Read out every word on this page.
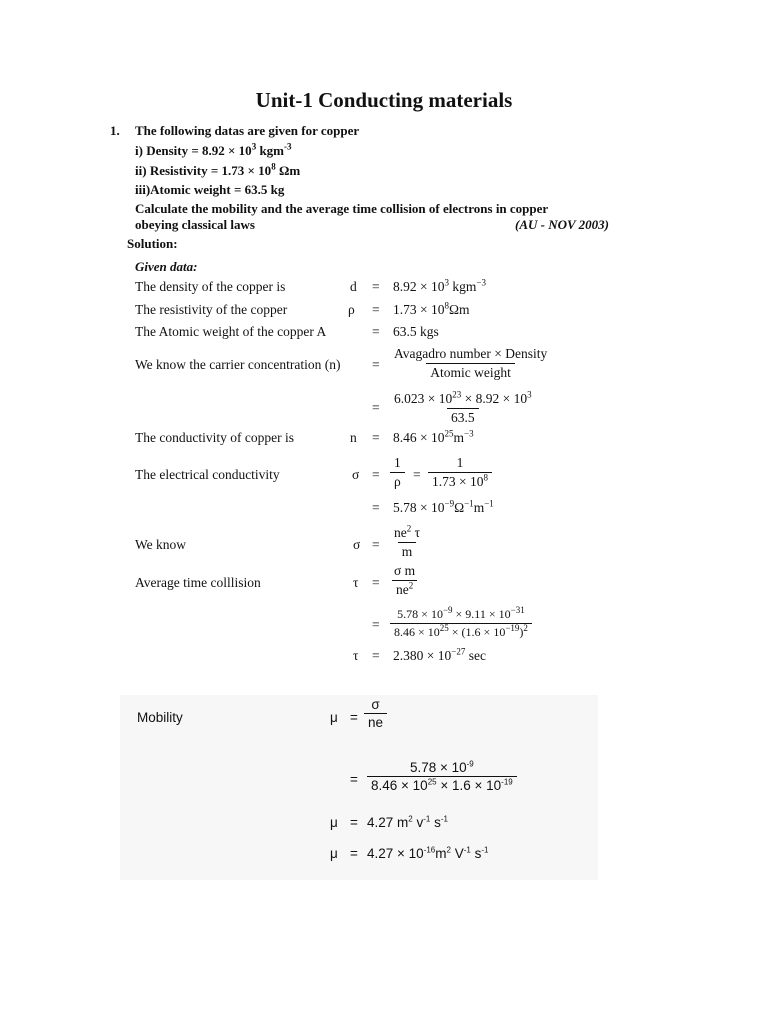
Unit-1 Conducting materials
1. The following datas are given for copper
i) Density = $8.92 \times 10^3$ kgm$^{-3}$
ii) Resistivity = $1.73 \times 10^8$ Ωm
iii)Atomic weight = 63.5 kg
Calculate the mobility and the average time collision of electrons in copper
obeying classical laws	(AU - NOV 2003)
Solution:
Given data:
The density of the copper is	$d = 8.92 \times 10^3$ kgm$^{-3}$
The resistivity of the copper	$\rho = 1.73 \times 10^8\Omega m$
The Atomic weight of the copper A	= 63.5 kgs
We know the carrier concentration (n) =
Avagadro number × Density
Atomic weight
= $\frac{6.023 \times 10^{23} \times 8.92 \times 10^3}{63.5}$
The conductivity of copper is	$n = 8.46 \times 10^{25}m^{-3}$
The electrical conductivity	$\sigma = \frac{1}{\rho} = \frac{1}{1.73 \times 10^8}$
= $5.78 \times 10^{-9}\Omega^{-1}m^{-1}$
We know	$\sigma = \frac{ne^2 \tau}{m}$
Average time colllision	$\tau = \frac{\text{σ m}}{ne^2}$
= $\frac{5.78 \times 10^{-9} \times 9.11 \times 10^{-31}}{8.46 \times 10^{25} \times (1.6 \times 10^{-19})^2}$
$\tau = 2.380 \times 10^{-27}$ sec
Mobility	$\mu = \frac{\sigma}{ne}$
= $\frac{5.78 \times 10^{-9}}{8.46 \times 10^{25} \times 1.6 \times 10^{-19}}$
μ = 4.27 $m^2$ $v^{-1}$ $s^{-1}$
$\mu = 4.27 \times 10^{-16}m^2$ $V^{-1}$ $s^{-1}$
